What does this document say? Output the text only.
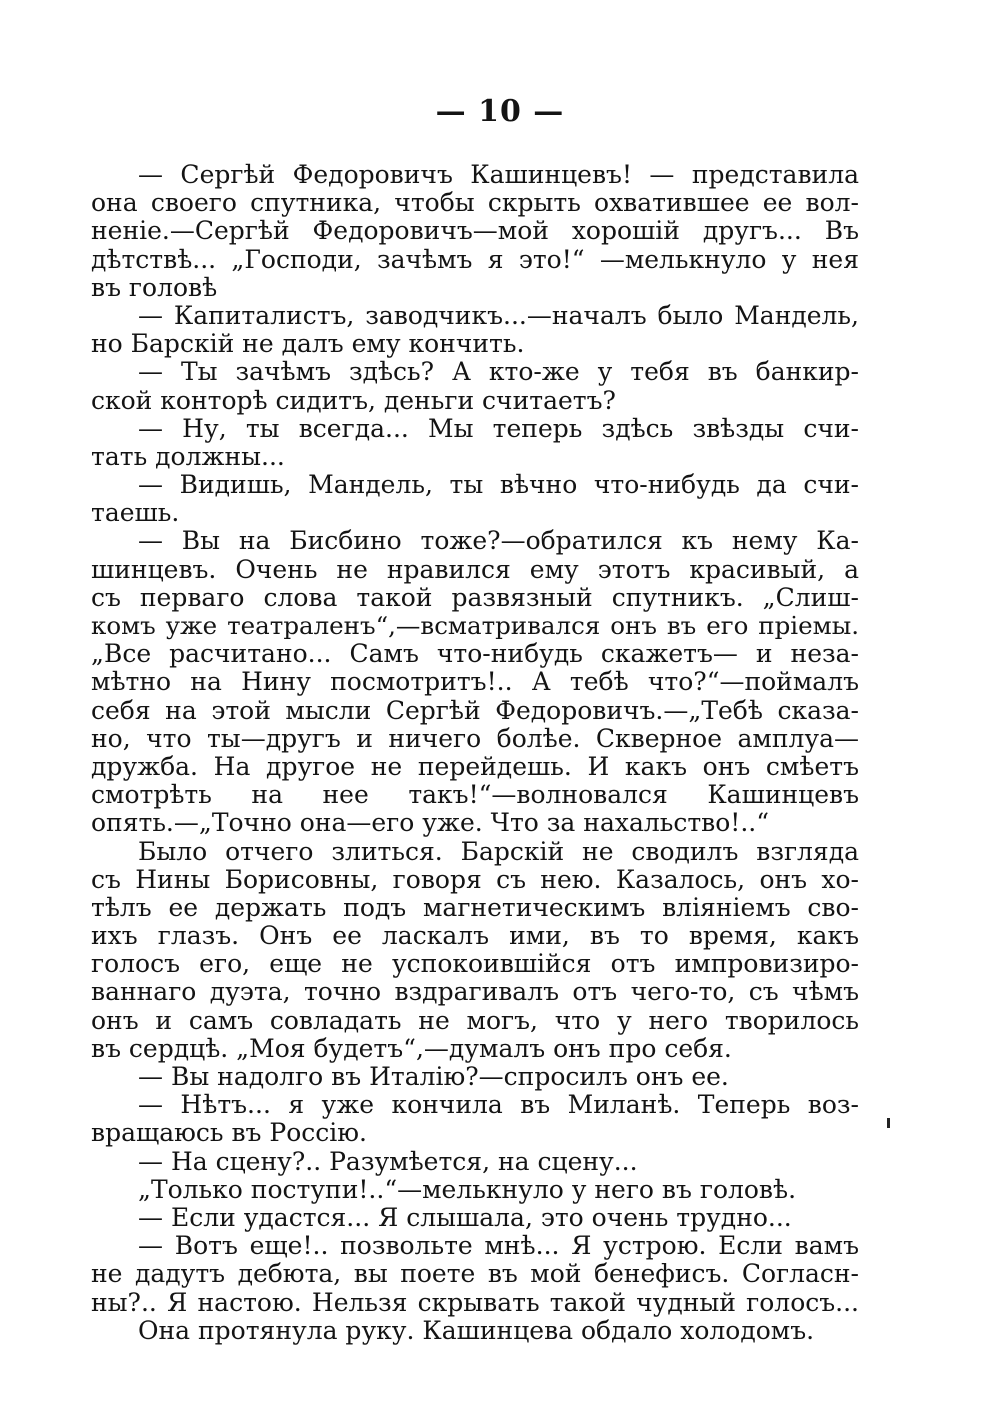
— 10 —
— Сергѣй Федоровичъ Кашинцевъ! — представила
она своего спутника, чтобы скрыть охватившее ее вол-
неніе.—Сергѣй Федоровичъ—мой хорошій другъ... Въ
дѣтствѣ... „Господи, зачѣмъ я это!“ —мелькнуло у нея
въ головѣ
— Капиталистъ, заводчикъ...—началъ было Мандель,
но Барскій не далъ ему кончить.
— Ты зачѣмъ здѣсь? А кто-же у тебя въ банкир-
ской конторѣ сидитъ, деньги считаетъ?
— Ну, ты всегда... Мы теперь здѣсь звѣзды счи-
тать должны...
— Видишь, Мандель, ты вѣчно что-нибудь да счи-
таешь.
— Вы на Бисбино тоже?—обратился къ нему Ка-
шинцевъ. Очень не нравился ему этотъ красивый, а
съ перваго слова такой развязный спутникъ. „Слиш-
комъ уже театраленъ“,—всматривался онъ въ его пріемы.
„Все расчитано... Самъ что-нибудь скажетъ— и неза-
мѣтно на Нину посмотритъ!.. А тебѣ что?“—поймалъ
себя на этой мысли Сергѣй Федоровичъ.—„Тебѣ сказа-
но, что ты—другъ и ничего болѣе. Скверное амплуа—
дружба. На другое не перейдешь. И какъ онъ смѣетъ
смотрѣть на нее такъ!“—волновался Кашинцевъ
опять.—„Точно она—его уже. Что за нахальство!..“
Было отчего злиться. Барскій не сводилъ взгляда
съ Нины Борисовны, говоря съ нею. Казалось, онъ хо-
тѣлъ ее держать подъ магнетическимъ вліяніемъ сво-
ихъ глазъ. Онъ ее ласкалъ ими, въ то время, какъ
голосъ его, еще не успокоившійся отъ импровизиро-
ваннаго дуэта, точно вздрагивалъ отъ чего-то, съ чѣмъ
онъ и самъ совладать не могъ, что у него творилось
въ сердцѣ. „Моя будетъ“,—думалъ онъ про себя.
— Вы надолго въ Италію?—спросилъ онъ ее.
— Нѣтъ... я уже кончила въ Миланѣ. Теперь воз-
вращаюсь въ Россію.
— На сцену?.. Разумѣется, на сцену...
„Только поступи!..“—мелькнуло у него въ головѣ.
— Если удастся... Я слышала, это очень трудно...
— Вотъ еще!.. позвольте мнѣ... Я устрою. Если вамъ
не дадутъ дебюта, вы поете въ мой бенефисъ. Согласн-
ны?.. Я настою. Нельзя скрывать такой чудный голосъ...
Она протянула руку. Кашинцева обдало холодомъ.
